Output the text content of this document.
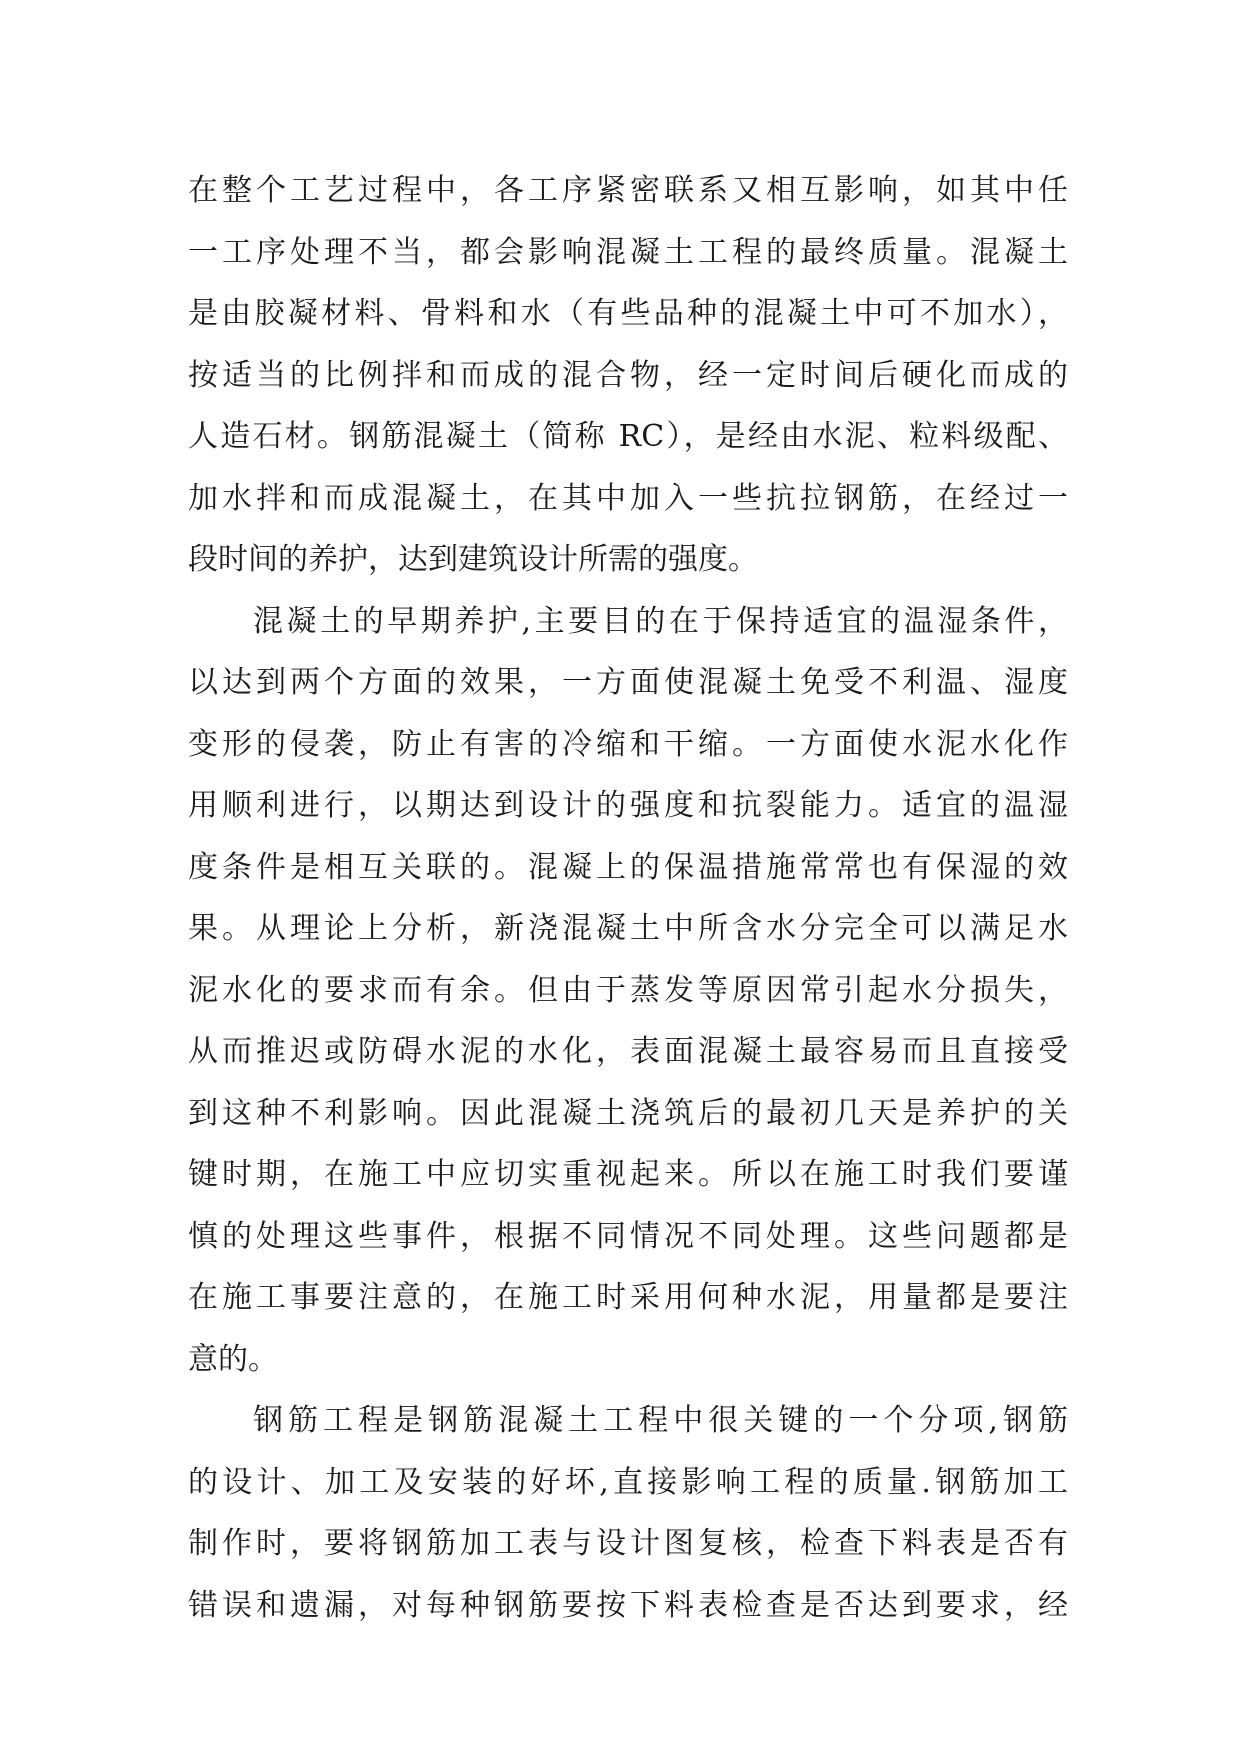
在整个工艺过程中，各工序紧密联系又相互影响，如其中任
一工序处理不当，都会影响混凝土工程的最终质量。混凝土
是由胶凝材料、骨料和水（有些品种的混凝土中可不加水），
按适当的比例拌和而成的混合物，经一定时间后硬化而成的
人造石材。钢筋混凝土（简称 RC），是经由水泥、粒料级配、
加水拌和而成混凝土，在其中加入一些抗拉钢筋，在经过一
段时间的养护，达到建筑设计所需的强度。
混凝土的早期养护,主要目的在于保持适宜的温湿条件，
以达到两个方面的效果，一方面使混凝土免受不利温、湿度
变形的侵袭，防止有害的冷缩和干缩。一方面使水泥水化作
用顺利进行，以期达到设计的强度和抗裂能力。适宜的温湿
度条件是相互关联的。混凝上的保温措施常常也有保湿的效
果。从理论上分析，新浇混凝土中所含水分完全可以满足水
泥水化的要求而有余。但由于蒸发等原因常引起水分损失，
从而推迟或防碍水泥的水化，表面混凝土最容易而且直接受
到这种不利影响。因此混凝土浇筑后的最初几天是养护的关
键时期，在施工中应切实重视起来。所以在施工时我们要谨
慎的处理这些事件，根据不同情况不同处理。这些问题都是
在施工事要注意的，在施工时采用何种水泥，用量都是要注
意的。
钢筋工程是钢筋混凝土工程中很关键的一个分项,钢筋
的设计、加工及安装的好坏,直接影响工程的质量.钢筋加工
制作时，要将钢筋加工表与设计图复核，检查下料表是否有
错误和遗漏，对每种钢筋要按下料表检查是否达到要求，经
